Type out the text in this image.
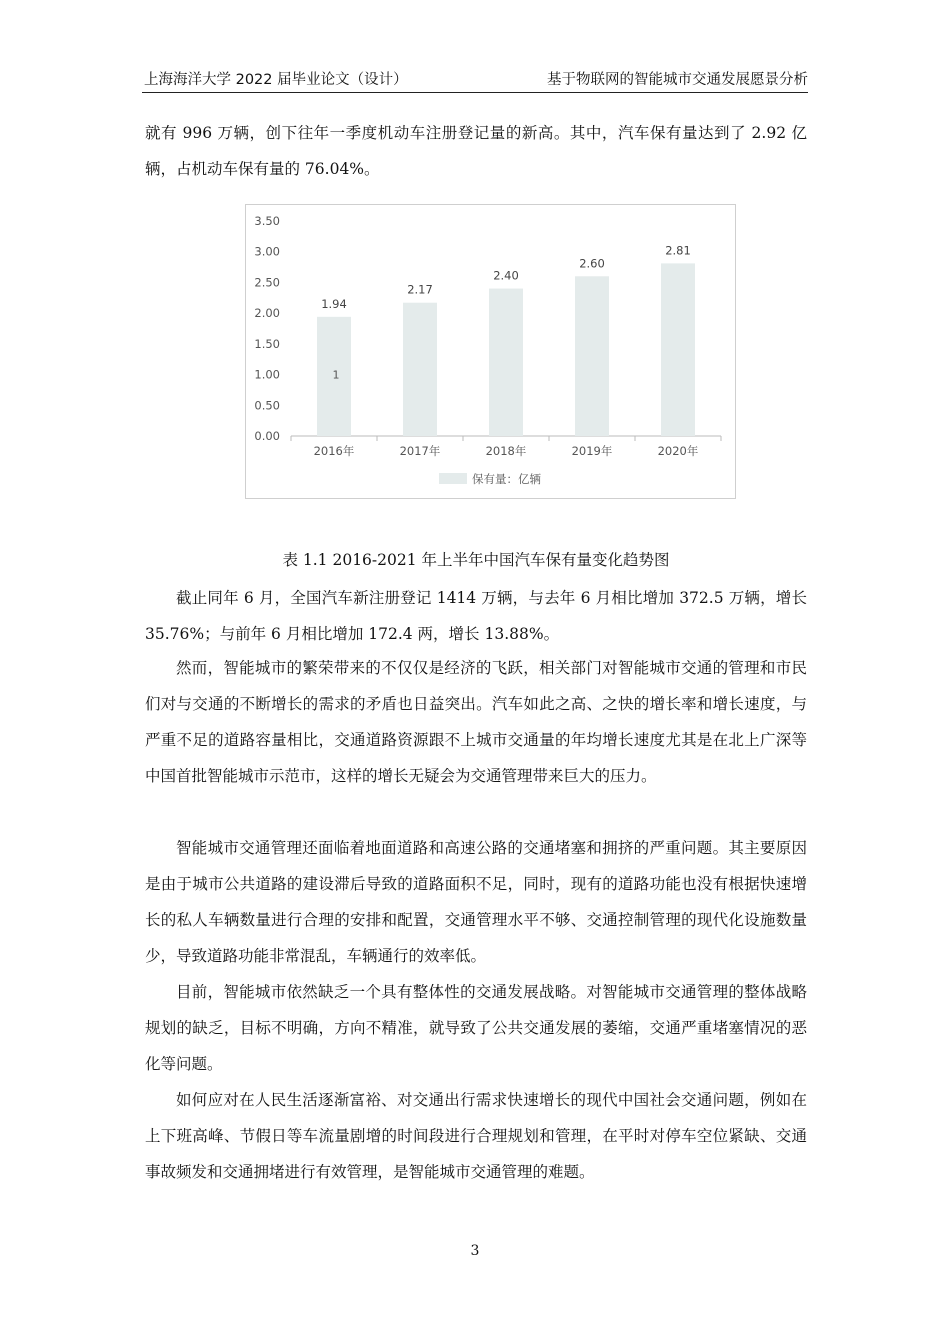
上海海洋大学 2022 届毕业论文（设计）	基于物联网的智能城市交通发展愿景分析

就有 996 万辆，创下往年一季度机动车注册登记量的新高。其中，汽车保有量达到了 2.92 亿辆，占机动车保有量的 76.04%。

0.00
0.50
1.00
1.50
2.00
2.50
3.00
3.50
1.94
2016年
2.17
2017年
2.40
2018年
2.60
2019年
2.81
2020年
1
保有量：亿辆
表 1.1 2016-2021 年上半年中国汽车保有量变化趋势图

截止同年 6 月，全国汽车新注册登记 1414 万辆，与去年 6 月相比增加 372.5 万辆，增长 35.76%；与前年 6 月相比增加 172.4 两，增长 13.88%。

然而，智能城市的繁荣带来的不仅仅是经济的飞跃，相关部门对智能城市交通的管理和市民们对与交通的不断增长的需求的矛盾也日益突出。汽车如此之高、之快的增长率和增长速度，与严重不足的道路容量相比，交通道路资源跟不上城市交通量的年均增长速度尤其是在北上广深等中国首批智能城市示范市，这样的增长无疑会为交通管理带来巨大的压力。

智能城市交通管理还面临着地面道路和高速公路的交通堵塞和拥挤的严重问题。其主要原因是由于城市公共道路的建设滞后导致的道路面积不足，同时，现有的道路功能也没有根据快速增长的私人车辆数量进行合理的安排和配置，交通管理水平不够、交通控制管理的现代化设施数量少，导致道路功能非常混乱，车辆通行的效率低。

目前，智能城市依然缺乏一个具有整体性的交通发展战略。对智能城市交通管理的整体战略规划的缺乏，目标不明确，方向不精准，就导致了公共交通发展的萎缩，交通严重堵塞情况的恶化等问题。

如何应对在人民生活逐渐富裕、对交通出行需求快速增长的现代中国社会交通问题，例如在上下班高峰、节假日等车流量剧增的时间段进行合理规划和管理，在平时对停车空位紧缺、交通事故频发和交通拥堵进行有效管理，是智能城市交通管理的难题。

3
